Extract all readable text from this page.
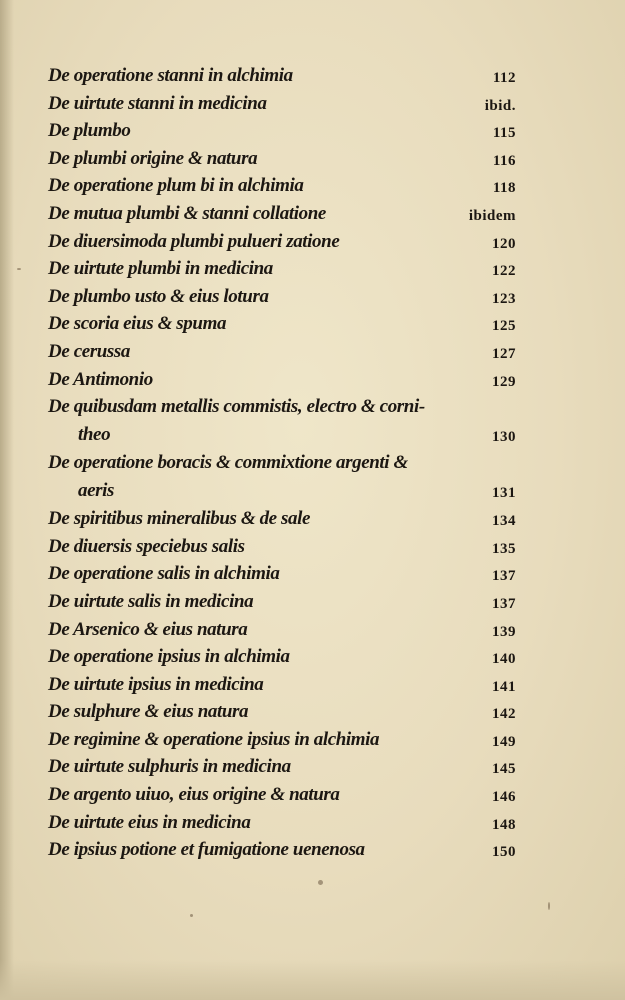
De operatione stanni in alchimia	112
De uirtute stanni in medicina	ibid.
De plumbo	115
De plumbi origine & natura	116
De operatione plum bi in alchimia	118
De mutua plumbi & stanni collatione	ibidem
De diuersimoda plumbi pulueri zatione	120
De uirtute plumbi in medicina	122
De plumbo usto & eius lotura	123
De scoria eius & spuma	125
De cerussa	127
De Antimonio	129
De quibusdam metallis commistis, electro & corni-
theo	130
De operatione boracis & commixtione argenti &
aeris	131
De spiritibus mineralibus & de sale	134
De diuersis speciebus salis	135
De operatione salis in alchimia	137
De uirtute salis in medicina	137
De Arsenico & eius natura	139
De operatione ipsius in alchimia	140
De uirtute ipsius in medicina	141
De sulphure & eius natura	142
De regimine & operatione ipsius in alchimia	149
De uirtute sulphuris in medicina	145
De argento uiuo, eius origine & natura	146
De uirtute eius in medicina	148
De ipsius potione et fumigatione uenenosa	150
